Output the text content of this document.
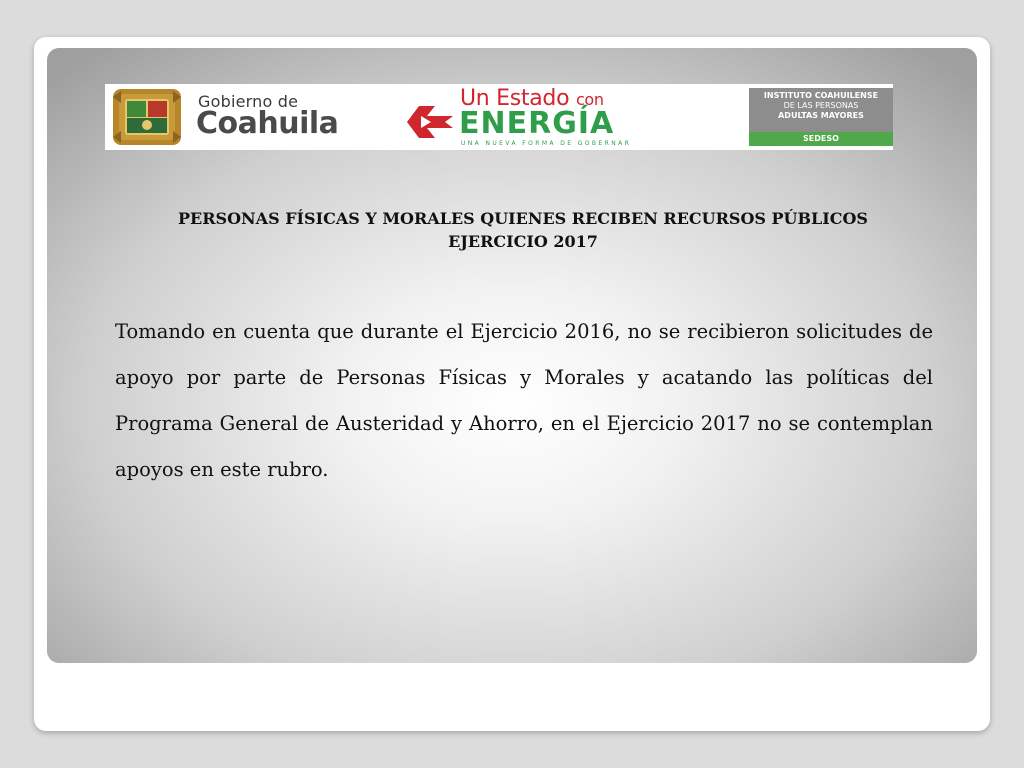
Gobierno de
Coahuila
Un Estado con
ENERGÍA
UNA NUEVA FORMA DE GOBERNAR
INSTITUTO COAHUILENSE
DE LAS PERSONAS
ADULTAS MAYORES
SEDESO
PERSONAS FÍSICAS Y MORALES QUIENES RECIBEN RECURSOS PÚBLICOS
EJERCICIO 2017
Tomando en cuenta que durante el Ejercicio 2016, no se recibieron solicitudes de apoyo por parte de Personas Físicas y Morales y acatando las políticas del Programa General de Austeridad y Ahorro, en el Ejercicio 2017 no se contemplan apoyos en este rubro.
